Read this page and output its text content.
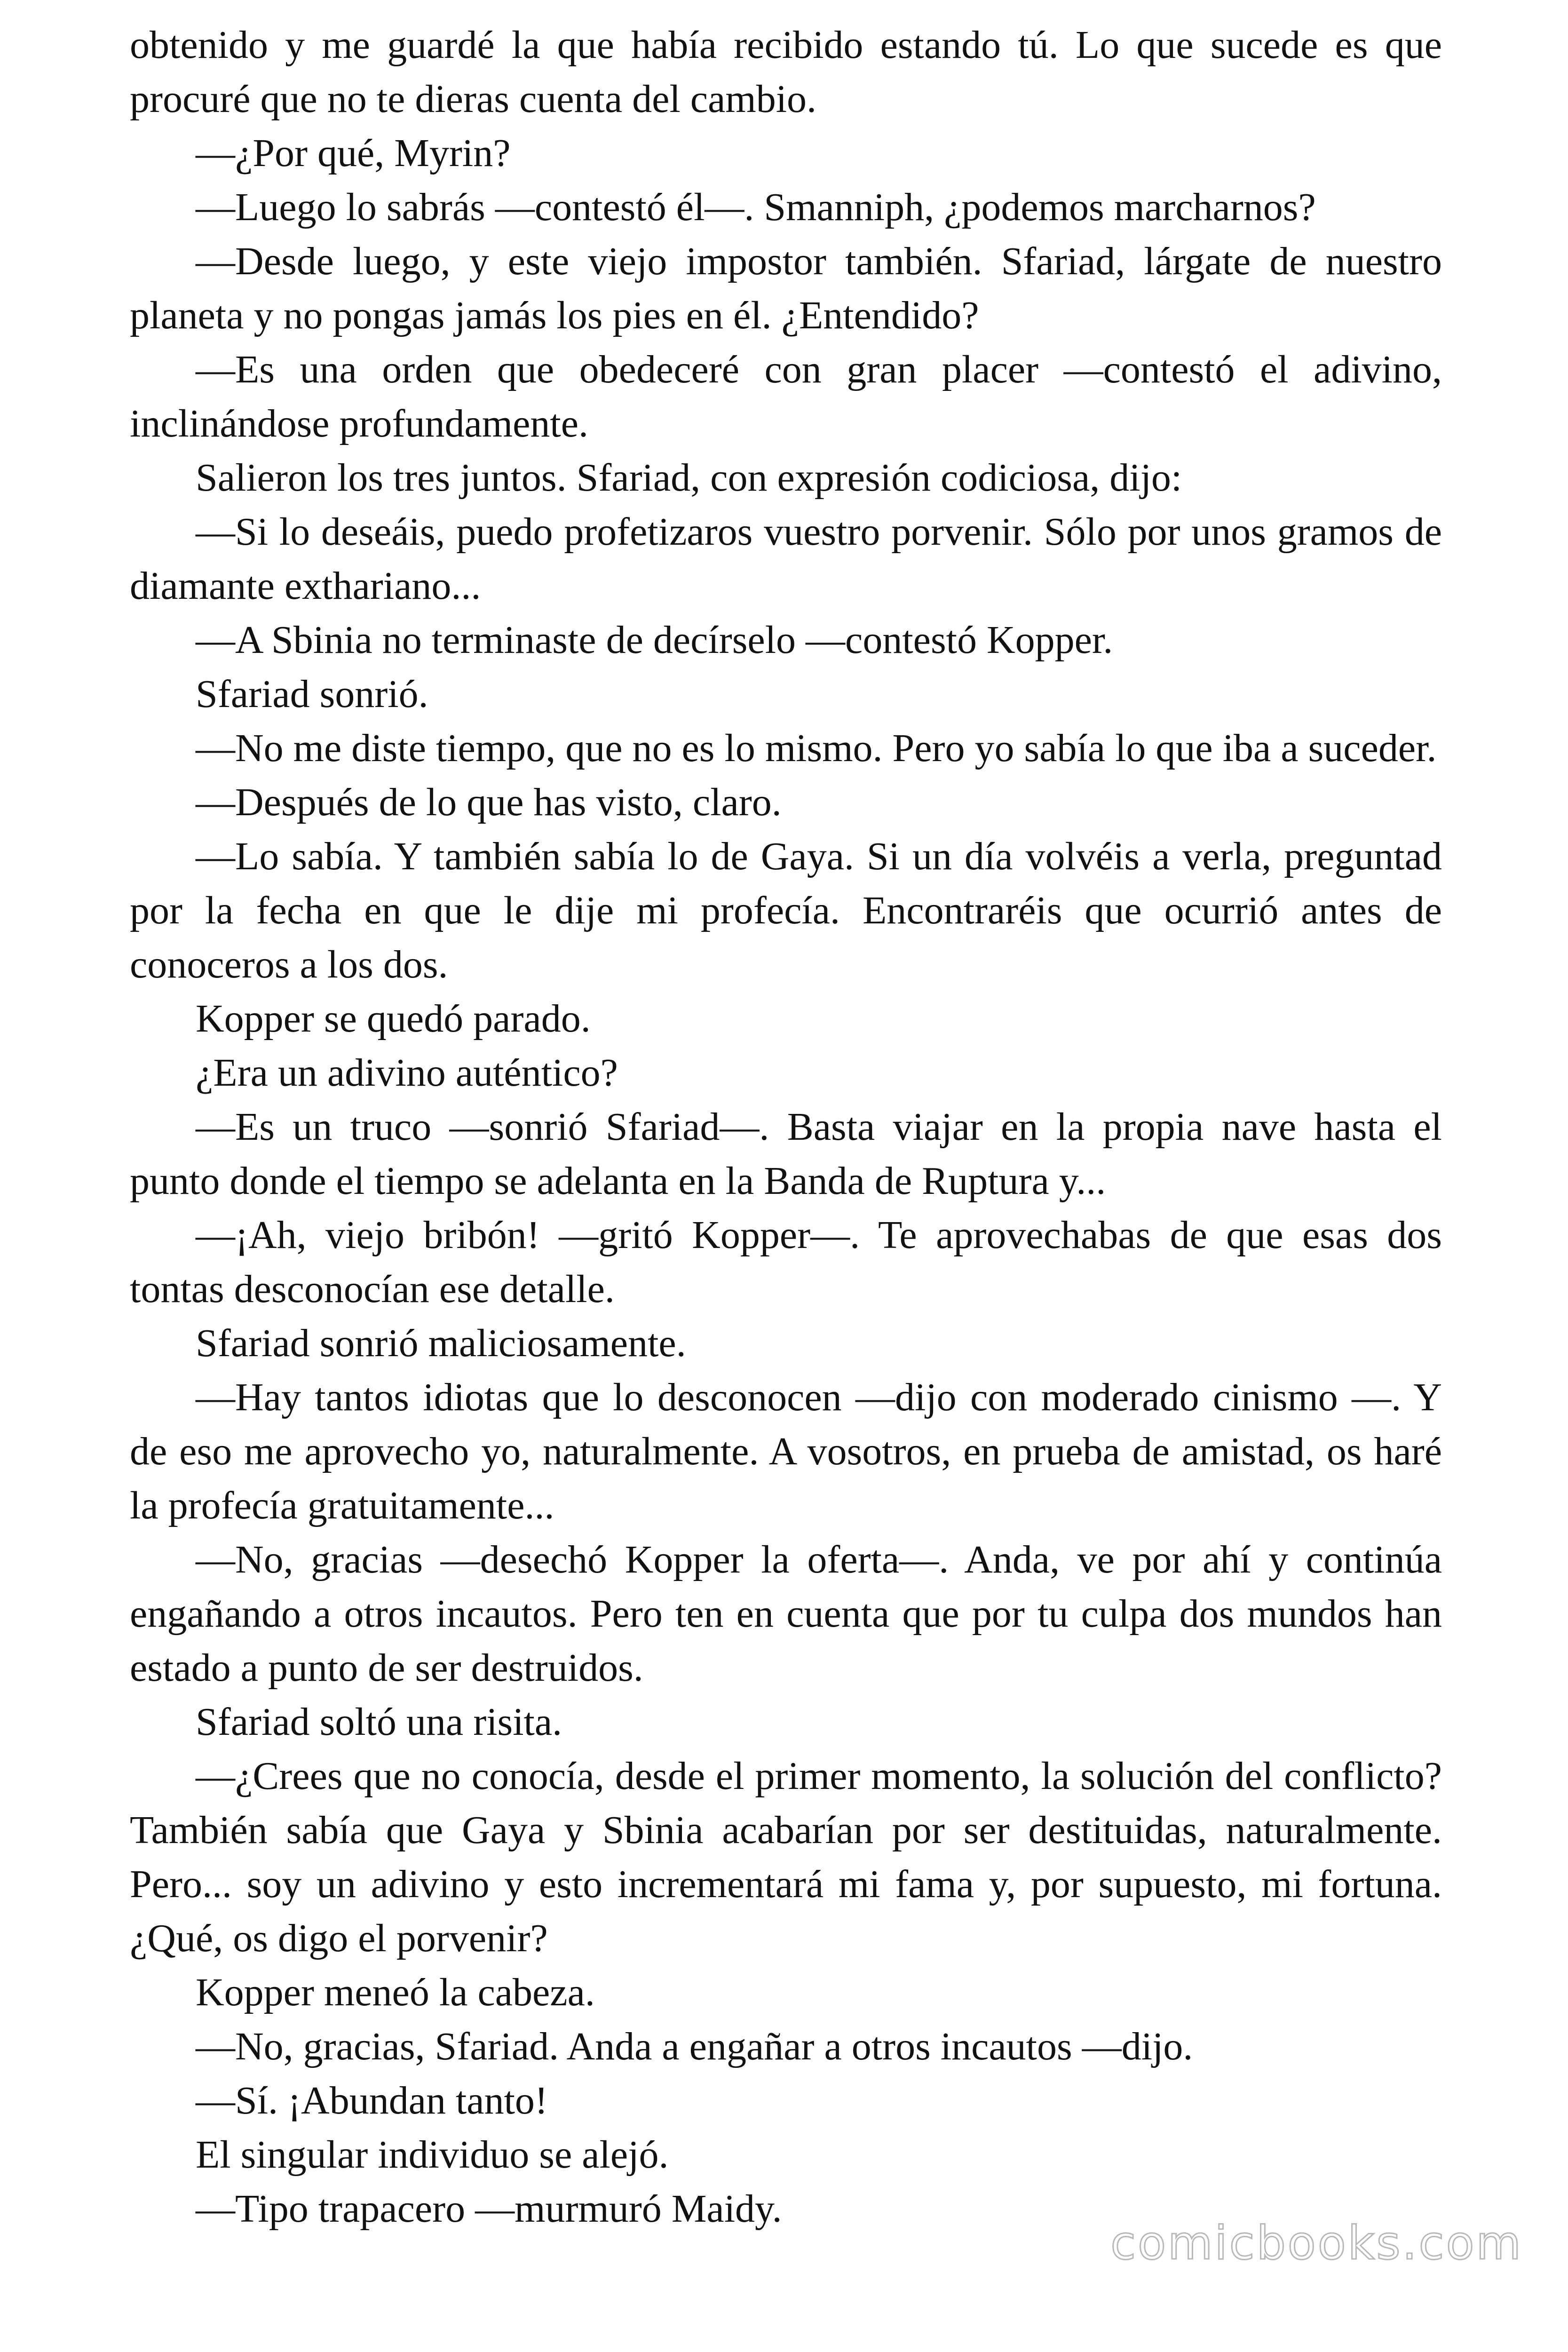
obtenido y me guardé la que había recibido estando tú. Lo que sucede es que procuré que no te dieras cuenta del cambio.

—¿Por qué, Myrin?

—Luego lo sabrás —contestó él—. Smanniph, ¿podemos marcharnos?

—Desde luego, y este viejo impostor también. Sfariad, lárgate de nuestro planeta y no pongas jamás los pies en él. ¿Entendido?

—Es una orden que obedeceré con gran placer —contestó el adivino, inclinándose profundamente.

Salieron los tres juntos. Sfariad, con expresión codiciosa, dijo:

—Si lo deseáis, puedo profetizaros vuestro porvenir. Sólo por unos gramos de diamante exthariano...

—A Sbinia no terminaste de decírselo —contestó Kopper.

Sfariad sonrió.

—No me diste tiempo, que no es lo mismo. Pero yo sabía lo que iba a suceder.

—Después de lo que has visto, claro.

—Lo sabía. Y también sabía lo de Gaya. Si un día volvéis a verla, preguntad por la fecha en que le dije mi profecía. Encontraréis que ocurrió antes de conoceros a los dos.

Kopper se quedó parado.

¿Era un adivino auténtico?

—Es un truco —sonrió Sfariad—. Basta viajar en la propia nave hasta el punto donde el tiempo se adelanta en la Banda de Ruptura y...

—¡Ah, viejo bribón! —gritó Kopper—. Te aprovechabas de que esas dos tontas desconocían ese detalle.

Sfariad sonrió maliciosamente.

—Hay tantos idiotas que lo desconocen —dijo con moderado cinismo —. Y de eso me aprovecho yo, naturalmente. A vosotros, en prueba de amistad, os haré la profecía gratuitamente...

—No, gracias —desechó Kopper la oferta—. Anda, ve por ahí y continúa engañando a otros incautos. Pero ten en cuenta que por tu culpa dos mundos han estado a punto de ser destruidos.

Sfariad soltó una risita.

—¿Crees que no conocía, desde el primer momento, la solución del conflicto? También sabía que Gaya y Sbinia acabarían por ser destituidas, naturalmente. Pero... soy un adivino y esto incrementará mi fama y, por supuesto, mi fortuna. ¿Qué, os digo el porvenir?

Kopper meneó la cabeza.

—No, gracias, Sfariad. Anda a engañar a otros incautos —dijo.

—Sí. ¡Abundan tanto!

El singular individuo se alejó.

—Tipo trapacero —murmuró Maidy.

comicbooks.com
